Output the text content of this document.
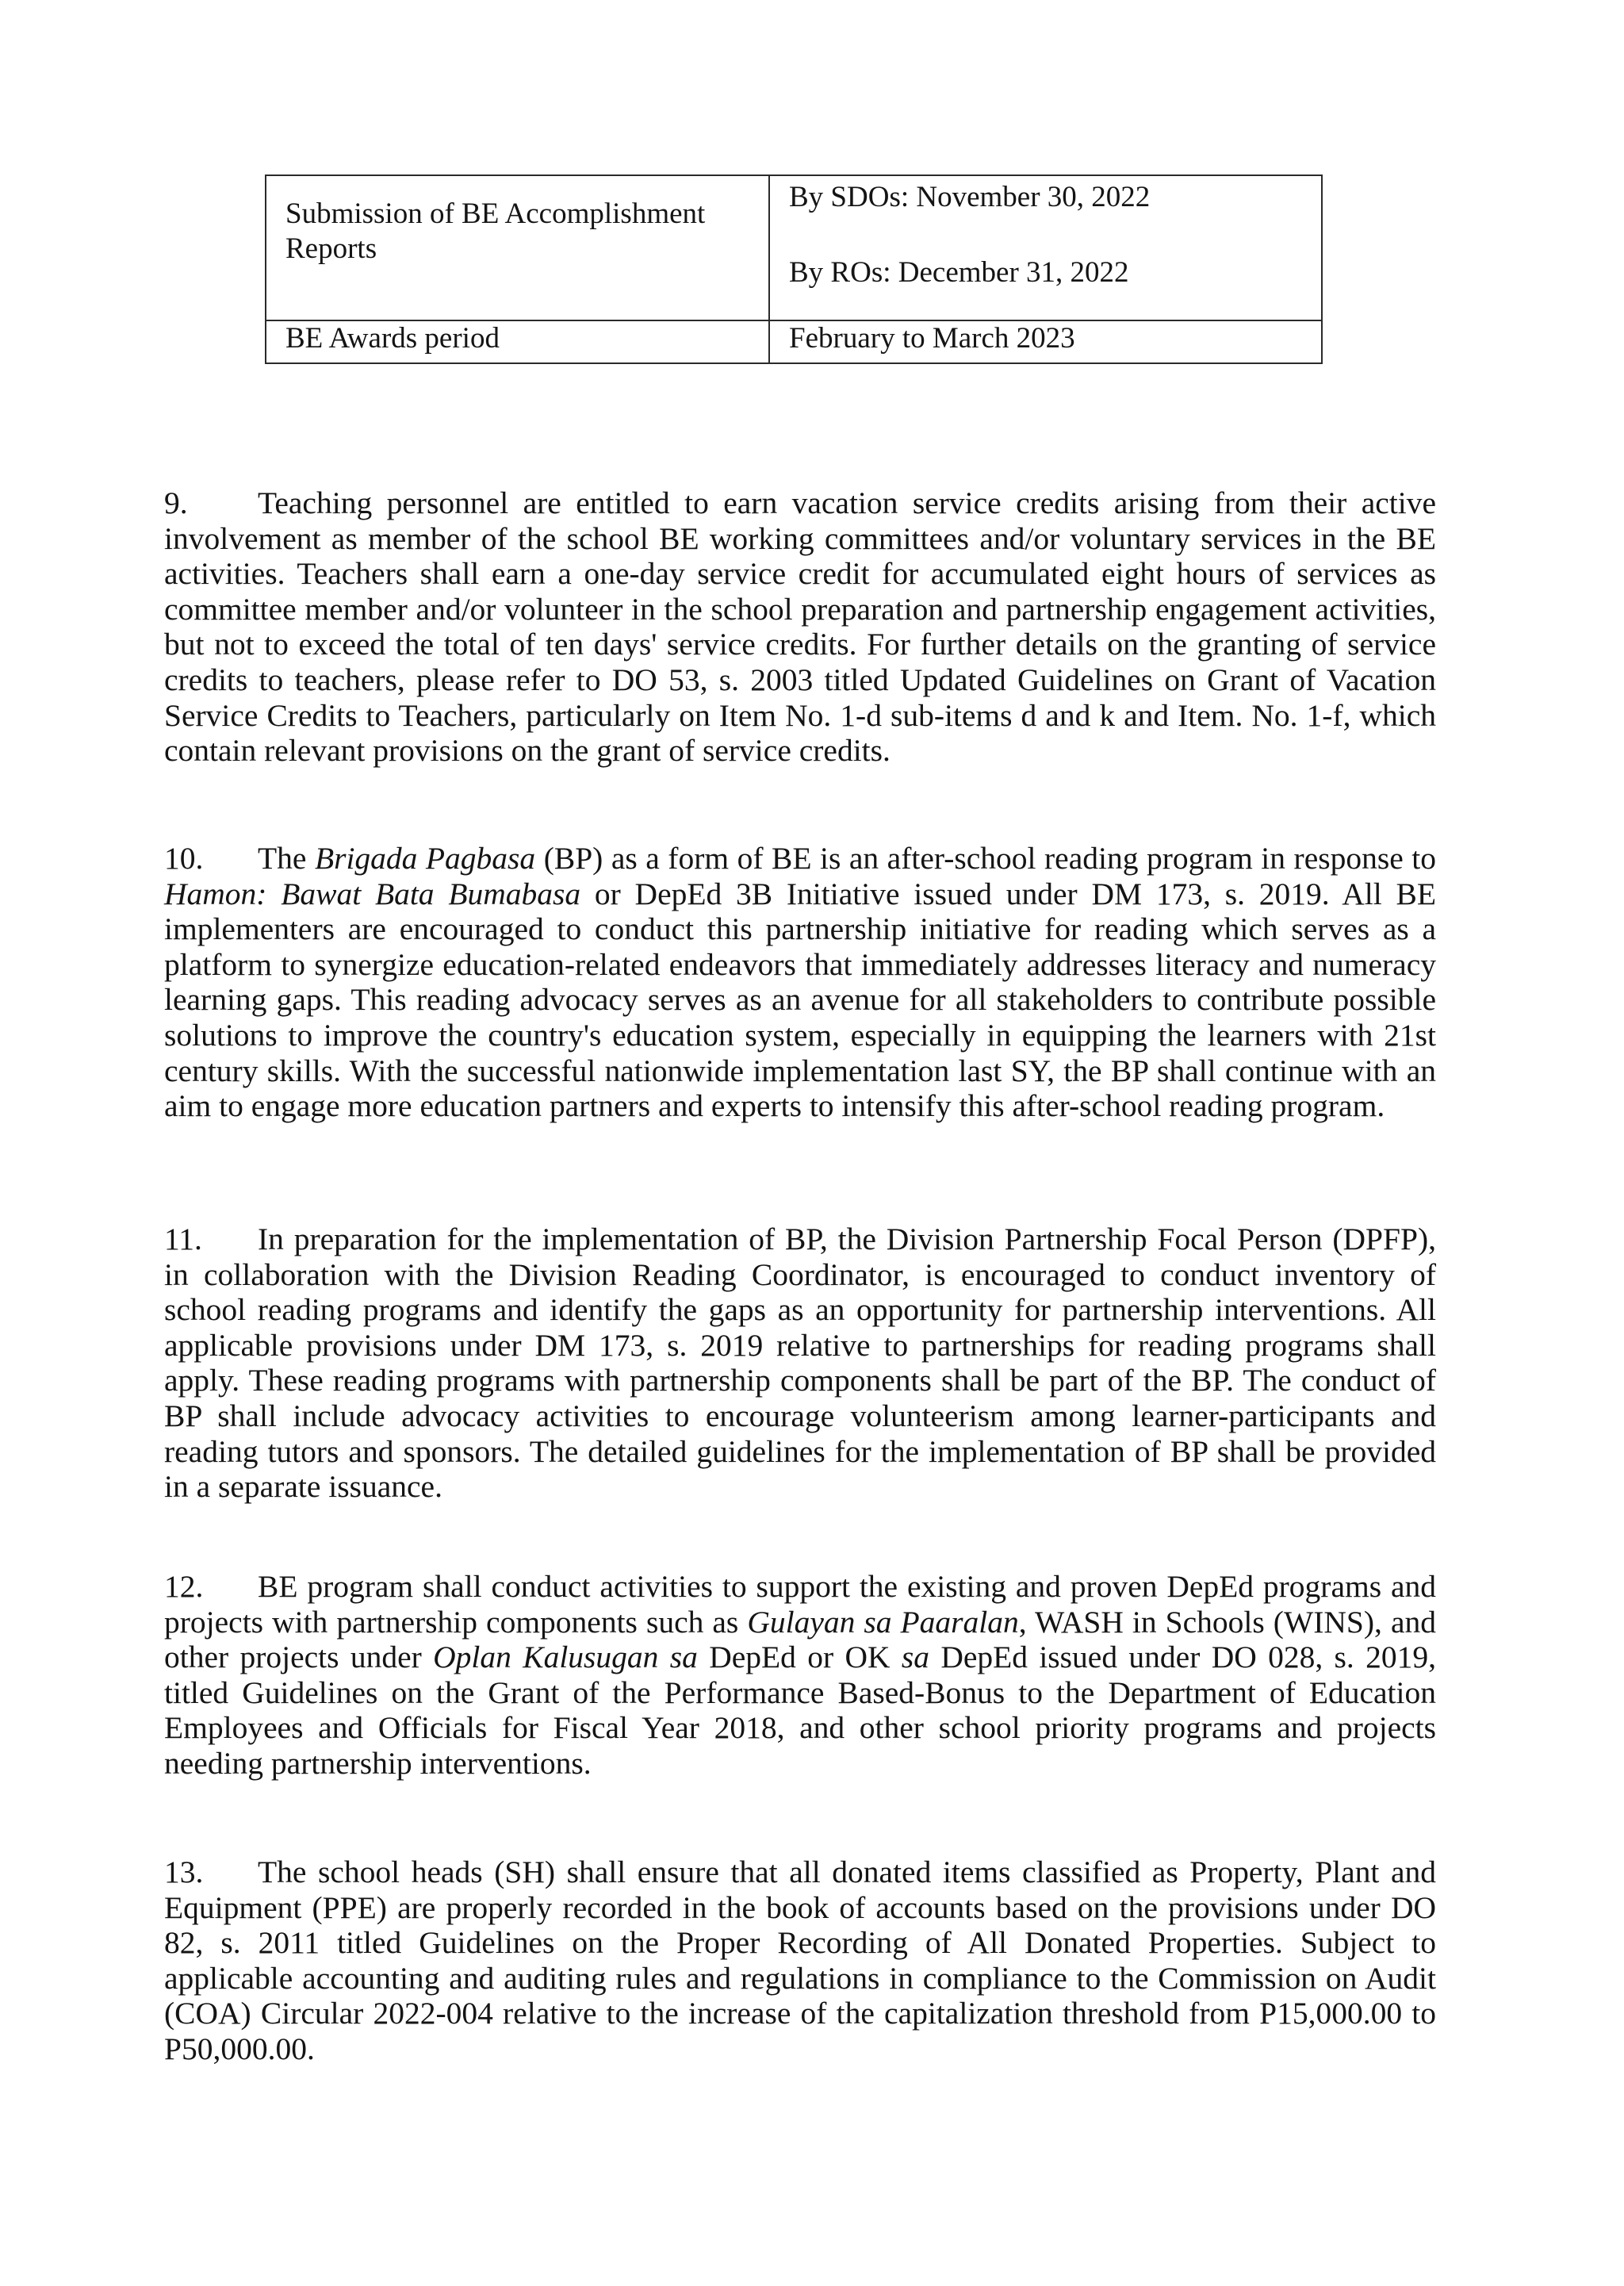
Submission of BE Accomplishment Reports	By SDOs: November 30, 2022
By ROs: December 31, 2022

BE Awards period	February to March 2023

9. Teaching personnel are entitled to earn vacation service credits arising from their active involvement as member of the school BE working committees and/or voluntary services in the BE activities. Teachers shall earn a one-day service credit for accumulated eight hours of services as committee member and/or volunteer in the school preparation and partnership engagement activities, but not to exceed the total of ten days' service credits. For further details on the granting of service credits to teachers, please refer to DO 53, s. 2003 titled Updated Guidelines on Grant of Vacation Service Credits to Teachers, particularly on Item No. 1-d sub-items d and k and Item. No. 1-f, which contain relevant provisions on the grant of service credits.

10. The Brigada Pagbasa (BP) as a form of BE is an after-school reading program in response to Hamon: Bawat Bata Bumabasa or DepEd 3B Initiative issued under DM 173, s. 2019. All BE implementers are encouraged to conduct this partnership initiative for reading which serves as a platform to synergize education-related endeavors that immediately addresses literacy and numeracy learning gaps. This reading advocacy serves as an avenue for all stakeholders to contribute possible solutions to improve the country's education system, especially in equipping the learners with 21st century skills. With the successful nationwide implementation last SY, the BP shall continue with an aim to engage more education partners and experts to intensify this after-school reading program.

11. In preparation for the implementation of BP, the Division Partnership Focal Person (DPFP), in collaboration with the Division Reading Coordinator, is encouraged to conduct inventory of school reading programs and identify the gaps as an opportunity for partnership interventions. All applicable provisions under DM 173, s. 2019 relative to partnerships for reading programs shall apply. These reading programs with partnership components shall be part of the BP. The conduct of BP shall include advocacy activities to encourage volunteerism among learner-participants and reading tutors and sponsors. The detailed guidelines for the implementation of BP shall be provided in a separate issuance.

12. BE program shall conduct activities to support the existing and proven DepEd programs and projects with partnership components such as Gulayan sa Paaralan, WASH in Schools (WINS), and other projects under Oplan Kalusugan sa DepEd or OK sa DepEd issued under DO 028, s. 2019, titled Guidelines on the Grant of the Performance Based-Bonus to the Department of Education Employees and Officials for Fiscal Year 2018, and other school priority programs and projects needing partnership interventions.

13. The school heads (SH) shall ensure that all donated items classified as Property, Plant and Equipment (PPE) are properly recorded in the book of accounts based on the provisions under DO 82, s. 2011 titled Guidelines on the Proper Recording of All Donated Properties. Subject to applicable accounting and auditing rules and regulations in compliance to the Commission on Audit (COA) Circular 2022-004 relative to the increase of the capitalization threshold from P15,000.00 to P50,000.00.
